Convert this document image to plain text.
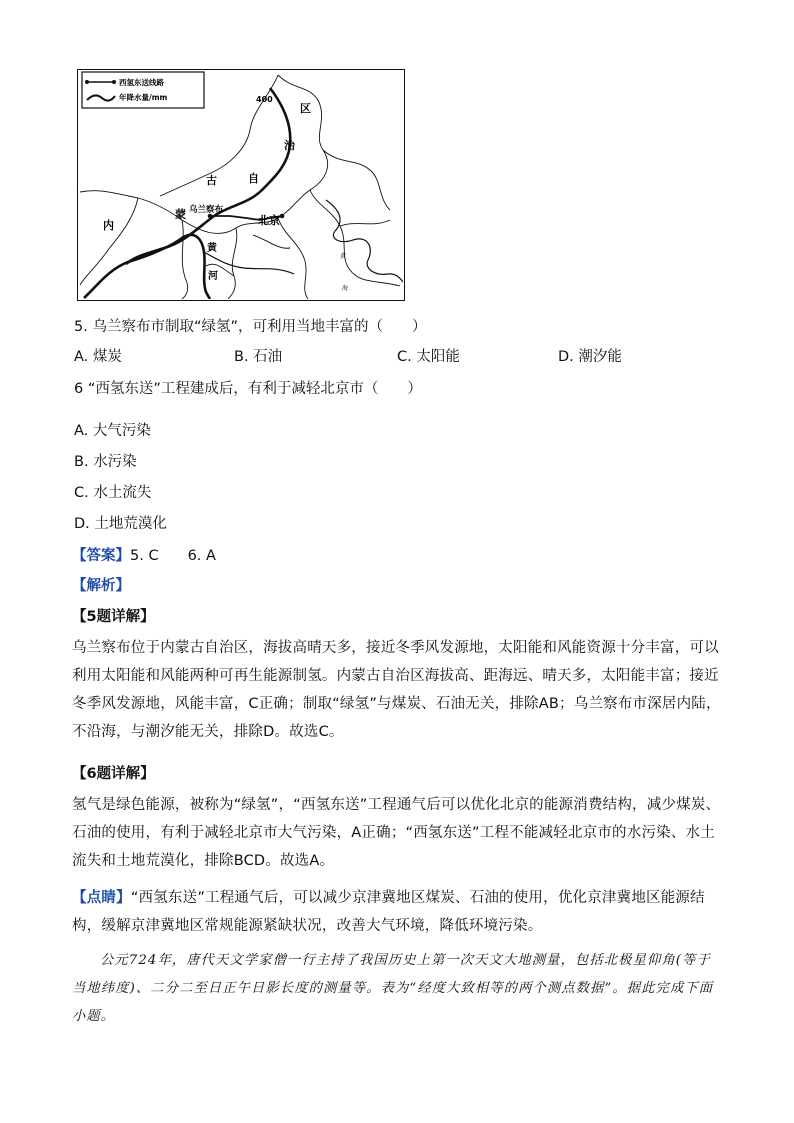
西氢东送线路
年降水量/mm	400
内
蒙
古	自
治
区
黄
河
乌兰察布
北京
黄
海
5. 乌兰察布市制取“绿氢”，可利用当地丰富的（　　）
A. 煤炭	B. 石油	C. 太阳能	D. 潮汐能
6 “西氢东送”工程建成后，有利于减轻北京市（　　）
A. 大气污染
B. 水污染
C. 水土流失
D. 土地荒漠化
【答案】5. C　　6. A
【解析】
【5题详解】
乌兰察布位于内蒙古自治区，海拔高晴天多，接近冬季风发源地，太阳能和风能资源十分丰富，可以利用太阳能和风能两种可再生能源制氢。内蒙古自治区海拔高、距海远、晴天多，太阳能丰富；接近冬季风发源地，风能丰富，C正确；制取“绿氢”与煤炭、石油无关，排除AB；乌兰察布市深居内陆，不沿海，与潮汐能无关，排除D。故选C。
【6题详解】
氢气是绿色能源，被称为“绿氢”，“西氢东送”工程通气后可以优化北京的能源消费结构，减少煤炭、石油的使用，有利于减轻北京市大气污染，A正确；“西氢东送”工程不能减轻北京市的水污染、水土流失和土地荒漠化，排除BCD。故选A。
【点睛】“西氢东送”工程通气后，可以减少京津冀地区煤炭、石油的使用，优化京津冀地区能源结构，缓解京津冀地区常规能源紧缺状况，改善大气环境，降低环境污染。
公元724年，唐代天文学家僧一行主持了我国历史上第一次天文大地测量，包括北极星仰角(等于当地纬度)、二分二至日正午日影长度的测量等。表为“经度大致相等的两个测点数据”。据此完成下面小题。
